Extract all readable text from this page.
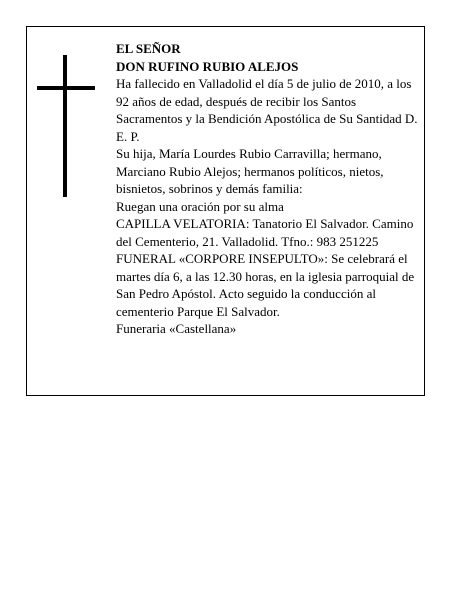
EL SEÑOR

DON RUFINO RUBIO ALEJOS

Ha fallecido en Valladolid el día 5 de julio de 2010, a los 92 años de edad, después de recibir los Santos Sacramentos y la Bendición Apostólica de Su Santidad D. E. P.

Su hija, María Lourdes Rubio Carravilla; hermano, Marciano Rubio Alejos; hermanos políticos, nietos, bisnietos, sobrinos y demás familia:

Ruegan una oración por su alma

CAPILLA VELATORIA: Tanatorio El Salvador. Camino del Cementerio, 21. Valladolid. Tfno.: 983 251225

FUNERAL «CORPORE INSEPULTO»: Se celebrará el martes día 6, a las 12.30 horas, en la iglesia parroquial de San Pedro Apóstol. Acto seguido la conducción al cementerio Parque El Salvador.

Funeraria «Castellana»
